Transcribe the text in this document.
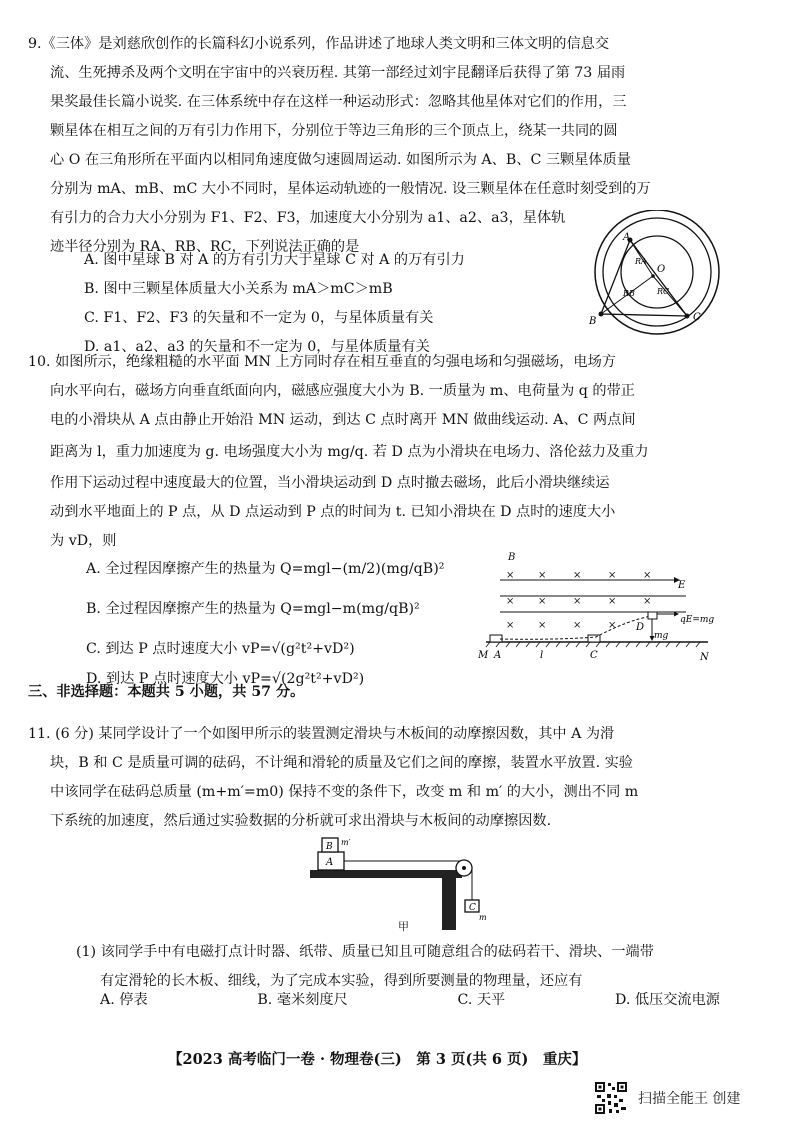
9.《三体》是刘慈欣创作的长篇科幻小说系列，作品讲述了地球人类文明和三体文明的信息交
流、生死搏杀及两个文明在宇宙中的兴衰历程. 其第一部经过刘宇昆翻译后获得了第 73 届雨
果奖最佳长篇小说奖. 在三体系统中存在这样一种运动形式：忽略其他星体对它们的作用，三
颗星体在相互之间的万有引力作用下，分别位于等边三角形的三个顶点上，绕某一共同的圆
心 O 在三角形所在平面内以相同角速度做匀速圆周运动. 如图所示为 A、B、C 三颗星体质量
分别为 mA、mB、mC 大小不同时，星体运动轨迹的一般情况. 设三颗星体在任意时刻受到的万
有引力的合力大小分别为 F1、F2、F3，加速度大小分别为 a1、a2、a3，星体轨
迹半径分别为 RA、RB、RC，下列说法正确的是
A. 图中星球 B 对 A 的万有引力大于星球 C 对 A 的万有引力
B. 图中三颗星体质量大小关系为 mA＞mC＞mB
C. F1、F2、F3 的矢量和不一定为 0，与星体质量有关
D. a1、a2、a3 的矢量和不一定为 0，与星体质量有关
A
O
B	C
RA
RB	RC
10. 如图所示，绝缘粗糙的水平面 MN 上方同时存在相互垂直的匀强电场和匀强磁场，电场方
向水平向右，磁场方向垂直纸面向内，磁感应强度大小为 B. 一质量为 m、电荷量为 q 的带正
电的小滑块从 A 点由静止开始沿 MN 运动，到达 C 点时离开 MN 做曲线运动. A、C 两点间
距离为 l，重力加速度为 g. 电场强度大小为 mg/q. 若 D 点为小滑块在电场力、洛伦兹力及重力
作用下运动过程中速度最大的位置，当小滑块运动到 D 点时撤去磁场，此后小滑块继续运
动到水平地面上的 P 点，从 D 点运动到 P 点的时间为 t. 已知小滑块在 D 点时的速度大小
为 vD，则
A. 全过程因摩擦产生的热量为 Q=mgl−(m/2)(mg/qB)²
B. 全过程因摩擦产生的热量为 Q=mgl−m(mg/qB)²
C. 到达 P 点时速度大小 vP=√(g²t²+vD²)
D. 到达 P 点时速度大小 vP=√(2g²t²+vD²)
B
× ×	×	×	×
× ×	×	×	×
× ×	×	×
E
qE=mg
D
mg
M A	l	C	N
三、非选择题：本题共 5 小题，共 57 分。
11. (6 分) 某同学设计了一个如图甲所示的装置测定滑块与木板间的动摩擦因数，其中 A 为滑
块，B 和 C 是质量可调的砝码，不计绳和滑轮的质量及它们之间的摩擦，装置水平放置. 实验
中该同学在砝码总质量 (m+m′=m0) 保持不变的条件下，改变 m 和 m′ 的大小，测出不同 m
下系统的加速度，然后通过实验数据的分析就可求出滑块与木板间的动摩擦因数.
A
B m′
C
m
甲
(1) 该同学手中有电磁打点计时器、纸带、质量已知且可随意组合的砝码若干、滑块、一端带
有定滑轮的长木板、细线，为了完成本实验，得到所要测量的物理量，还应有
A. 停表	B. 毫米刻度尺	C. 天平	D. 低压交流电源
【2023 高考临门一卷 · 物理卷(三)　第 3 页(共 6 页)　重庆】
扫描全能王 创建
